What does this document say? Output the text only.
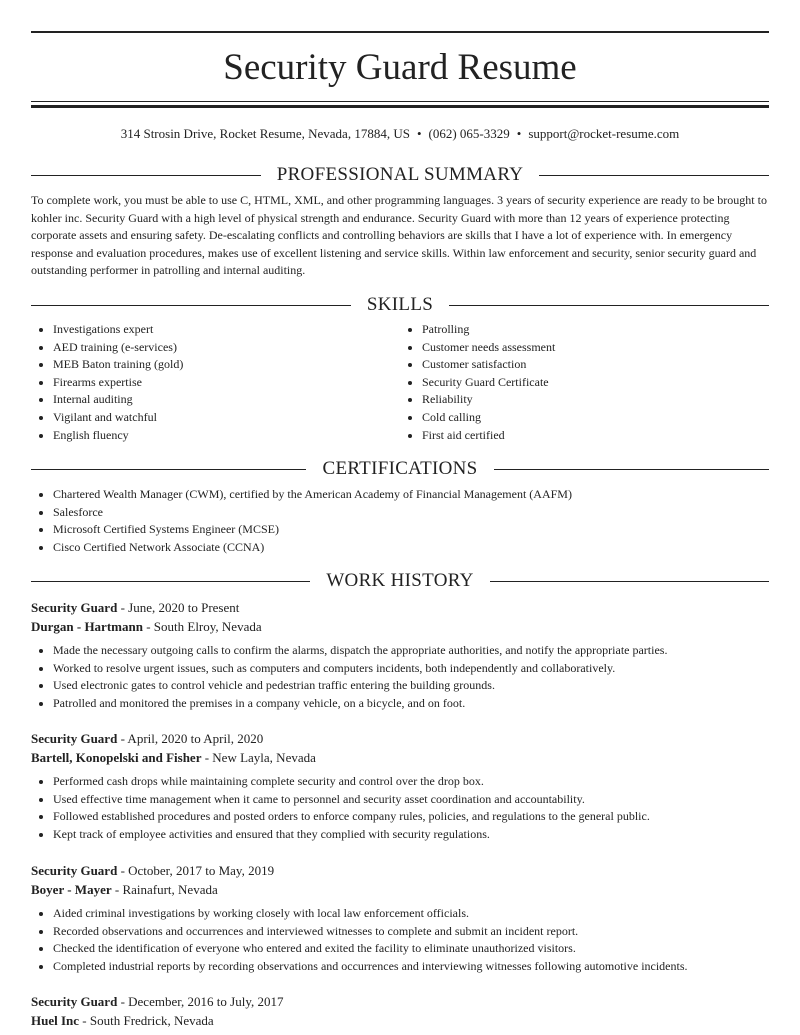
Security Guard Resume
314 Strosin Drive, Rocket Resume, Nevada, 17884, US • (062) 065-3329 • support@rocket-resume.com
PROFESSIONAL SUMMARY
To complete work, you must be able to use C, HTML, XML, and other programming languages. 3 years of security experience are ready to be brought to kohler inc. Security Guard with a high level of physical strength and endurance. Security Guard with more than 12 years of experience protecting corporate assets and ensuring safety. De-escalating conflicts and controlling behaviors are skills that I have a lot of experience with. In emergency response and evaluation procedures, makes use of excellent listening and service skills. Within law enforcement and security, senior security guard and outstanding performer in patrolling and internal auditing.
SKILLS
• Investigations expert
• AED training (e-services)
• MEB Baton training (gold)
• Firearms expertise
• Internal auditing
• Vigilant and watchful
• English fluency
• Patrolling
• Customer needs assessment
• Customer satisfaction
• Security Guard Certificate
• Reliability
• Cold calling
• First aid certified
CERTIFICATIONS
• Chartered Wealth Manager (CWM), certified by the American Academy of Financial Management (AAFM)
• Salesforce
• Microsoft Certified Systems Engineer (MCSE)
• Cisco Certified Network Associate (CCNA)
WORK HISTORY
Security Guard - June, 2020 to Present
Durgan - Hartmann - South Elroy, Nevada
• Made the necessary outgoing calls to confirm the alarms, dispatch the appropriate authorities, and notify the appropriate parties.
• Worked to resolve urgent issues, such as computers and computers incidents, both independently and collaboratively.
• Used electronic gates to control vehicle and pedestrian traffic entering the building grounds.
• Patrolled and monitored the premises in a company vehicle, on a bicycle, and on foot.
Security Guard - April, 2020 to April, 2020
Bartell, Konopelski and Fisher - New Layla, Nevada
• Performed cash drops while maintaining complete security and control over the drop box.
• Used effective time management when it came to personnel and security asset coordination and accountability.
• Followed established procedures and posted orders to enforce company rules, policies, and regulations to the general public.
• Kept track of employee activities and ensured that they complied with security regulations.
Security Guard - October, 2017 to May, 2019
Boyer - Mayer - Rainafurt, Nevada
• Aided criminal investigations by working closely with local law enforcement officials.
• Recorded observations and occurrences and interviewed witnesses to complete and submit an incident report.
• Checked the identification of everyone who entered and exited the facility to eliminate unauthorized visitors.
• Completed industrial reports by recording observations and occurrences and interviewing witnesses following automotive incidents.
Security Guard - December, 2016 to July, 2017
Huel Inc - South Fredrick, Nevada
